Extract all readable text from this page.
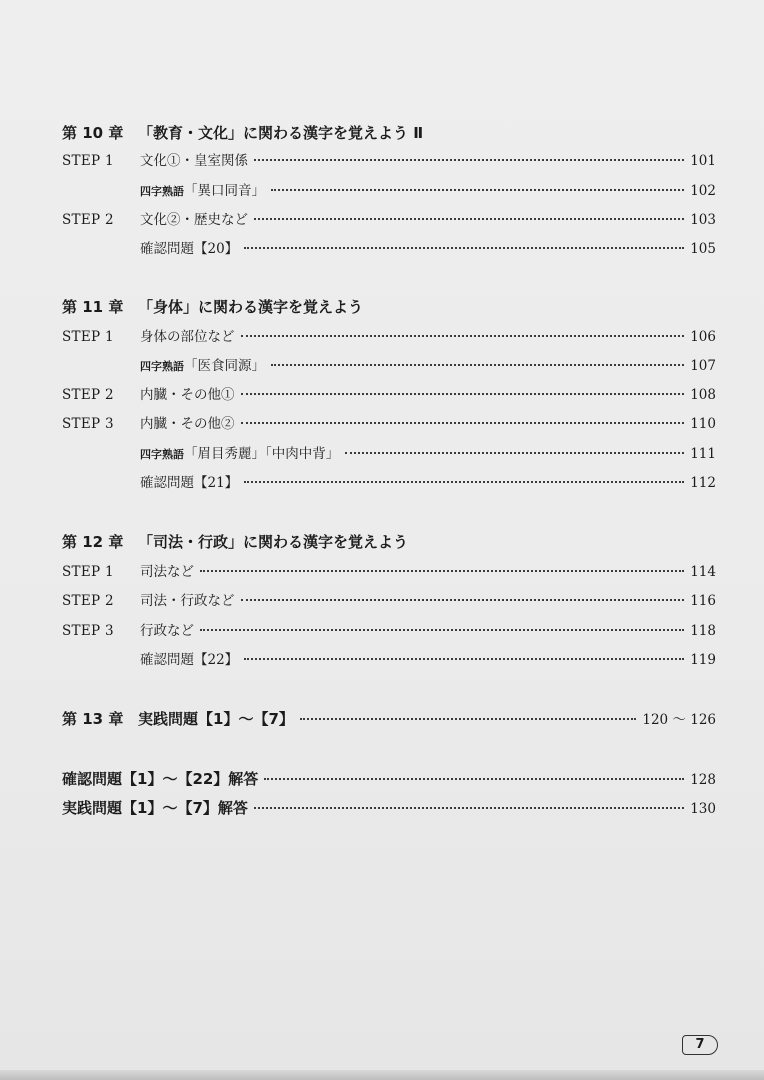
第 10 章 「教育・文化」に関わる漢字を覚えよう Ⅱ
STEP 1	文化①・皇室関係	101
四字熟語 「異口同音」	102
STEP 2	文化②・歴史など	103
確認問題【20】	105
第 11 章 「身体」に関わる漢字を覚えよう
STEP 1	身体の部位など	106
四字熟語 「医食同源」	107
STEP 2	内臓・その他①	108
STEP 3	内臓・その他②	110
四字熟語 「眉目秀麗」「中肉中背」	111
確認問題【21】	112
第 12 章 「司法・行政」に関わる漢字を覚えよう
STEP 1	司法など	114
STEP 2	司法・行政など	116
STEP 3	行政など	118
確認問題【22】	119
第 13 章 実践問題【1】〜【7】	120 〜 126
確認問題【1】〜【22】解答	128
実践問題【1】〜【7】解答	130
7
